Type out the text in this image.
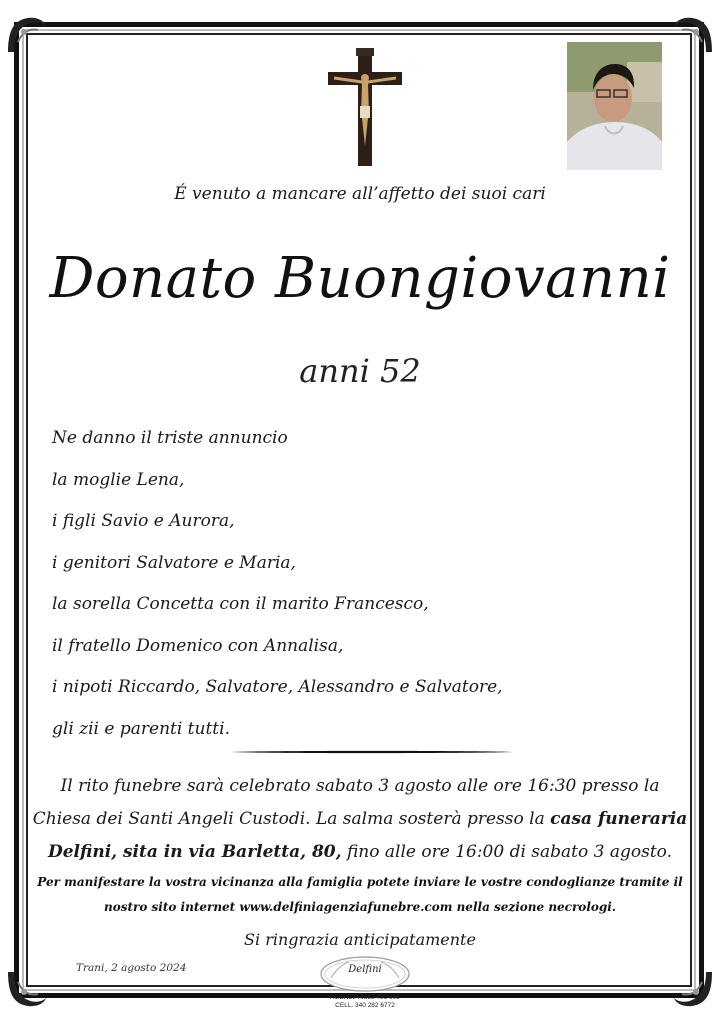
É venuto a mancare all’affetto dei suoi cari
Donato Buongiovanni
anni 52
Ne danno il triste annuncio
la moglie Lena,
i figli Savio e Aurora,
i genitori Salvatore e Maria,
la sorella Concetta con il marito Francesco,
il fratello Domenico con Annalisa,
i nipoti Riccardo, Salvatore, Alessandro e Salvatore,
gli zii e parenti tutti.
Il rito funebre sarà celebrato sabato 3 agosto alle ore 16:30 presso la Chiesa dei Santi Angeli Custodi. La salma sosterà presso la casa funeraria Delfini, sita in via Barletta, 80, fino alle ore 16:00 di sabato 3 agosto.
Per manifestare la vostra vicinanza alla famiglia potete inviare le vostre condoglianze tramite il nostro sito internet www.delfiniagenziafunebre.com nella sezione necrologi.
Si ringrazia anticipatamente
Trani, 2 agosto 2024	Delfini
AGENZIA 0883 481 608
CELL. 340 282 6772
